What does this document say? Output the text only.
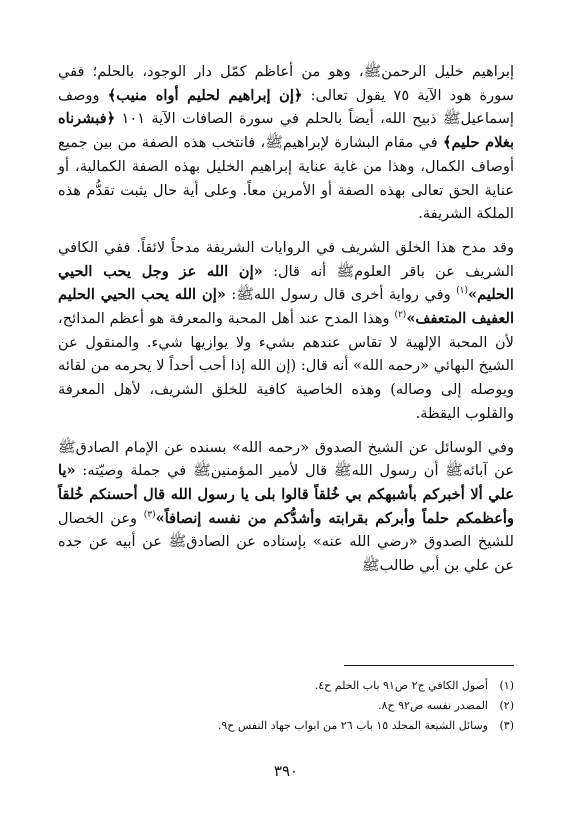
إبراهيم خليل الرحمنﷺ، وهو من أعاظم كمّل دار الوجود، بالحلم؛ ففي سورة هود الآية ٧٥ يقول تعالى: ﴿إن إبراهيم لحليم أواه منيب﴾ ووصف إسماعيلﷺ ذبيح الله، أيضاً بالحلم في سورة الصافات الآية ١٠١ ﴿فبشرناه بغلام حليم﴾ في مقام البشارة لإبراهيمﷺ، فانتخب هذه الصفة من بين جميع أوصاف الكمال، وهذا من غاية عناية إبراهيم الخليل بهذه الصفة الكمالية، أو عناية الحق تعالى بهذه الصفة أو الأمرين معاً. وعلى أية حال يثبت تقدُّم هذه الملكة الشريفة.

وقد مدح هذا الخلق الشريف في الروايات الشريفة مدحاً لائقاً. ففي الكافي الشريف عن باقر العلومﷺ أنه قال: «إن الله عز وجل يحب الحيي الحليم»$^{(١)}$ وفي رواية أخرى قال رسول اللهﷺ: «إن الله يحب الحيي الحليم العفيف المتعفف»$^{(٢)}$ وهذا المدح عند أهل المحبة والمعرفة هو أعظم المدائح، لأن المحبة الإلهية لا تقاس عندهم بشيء ولا يوازيها شيء. والمنقول عن الشيخ البهائي «رحمه الله» أنه قال: (إن الله إذا أحب أحداً لا يحرمه من لقائه ويوصله إلى وصاله) وهذه الخاصية كافية للخلق الشريف، لأهل المعرفة والقلوب اليقظة.

وفي الوسائل عن الشيخ الصدوق «رحمه الله» بسنده عن الإمام الصادقﷺ عن آبائهﷺ أن رسول اللهﷺ قال لأمير المؤمنينﷺ في جملة وصيّته: «يا علي ألا أخبركم بأشبهكم بي خُلقاً قالوا بلى يا رسول الله قال أحسنكم خُلقاً وأعظمكم حلماً وأبركم بقرابته وأشدُّكم من نفسه إنصافاً»$^{(٣)}$ وعن الخصال للشيخ الصدوق «رضي الله عنه» بإسناده عن الصادقﷺ عن أبيه عن جده عن علي بن أبي طالبﷺ

(١)أصول الكافي ج٢ ص٩١ باب الحلم ح٤.

(٢)المصدر نفسه ص٩٢ ح٨.

(٣)وسائل الشيعة المجلد ١٥ باب ٢٦ من ابواب جهاد النفس ح٩.

٣٩٠
